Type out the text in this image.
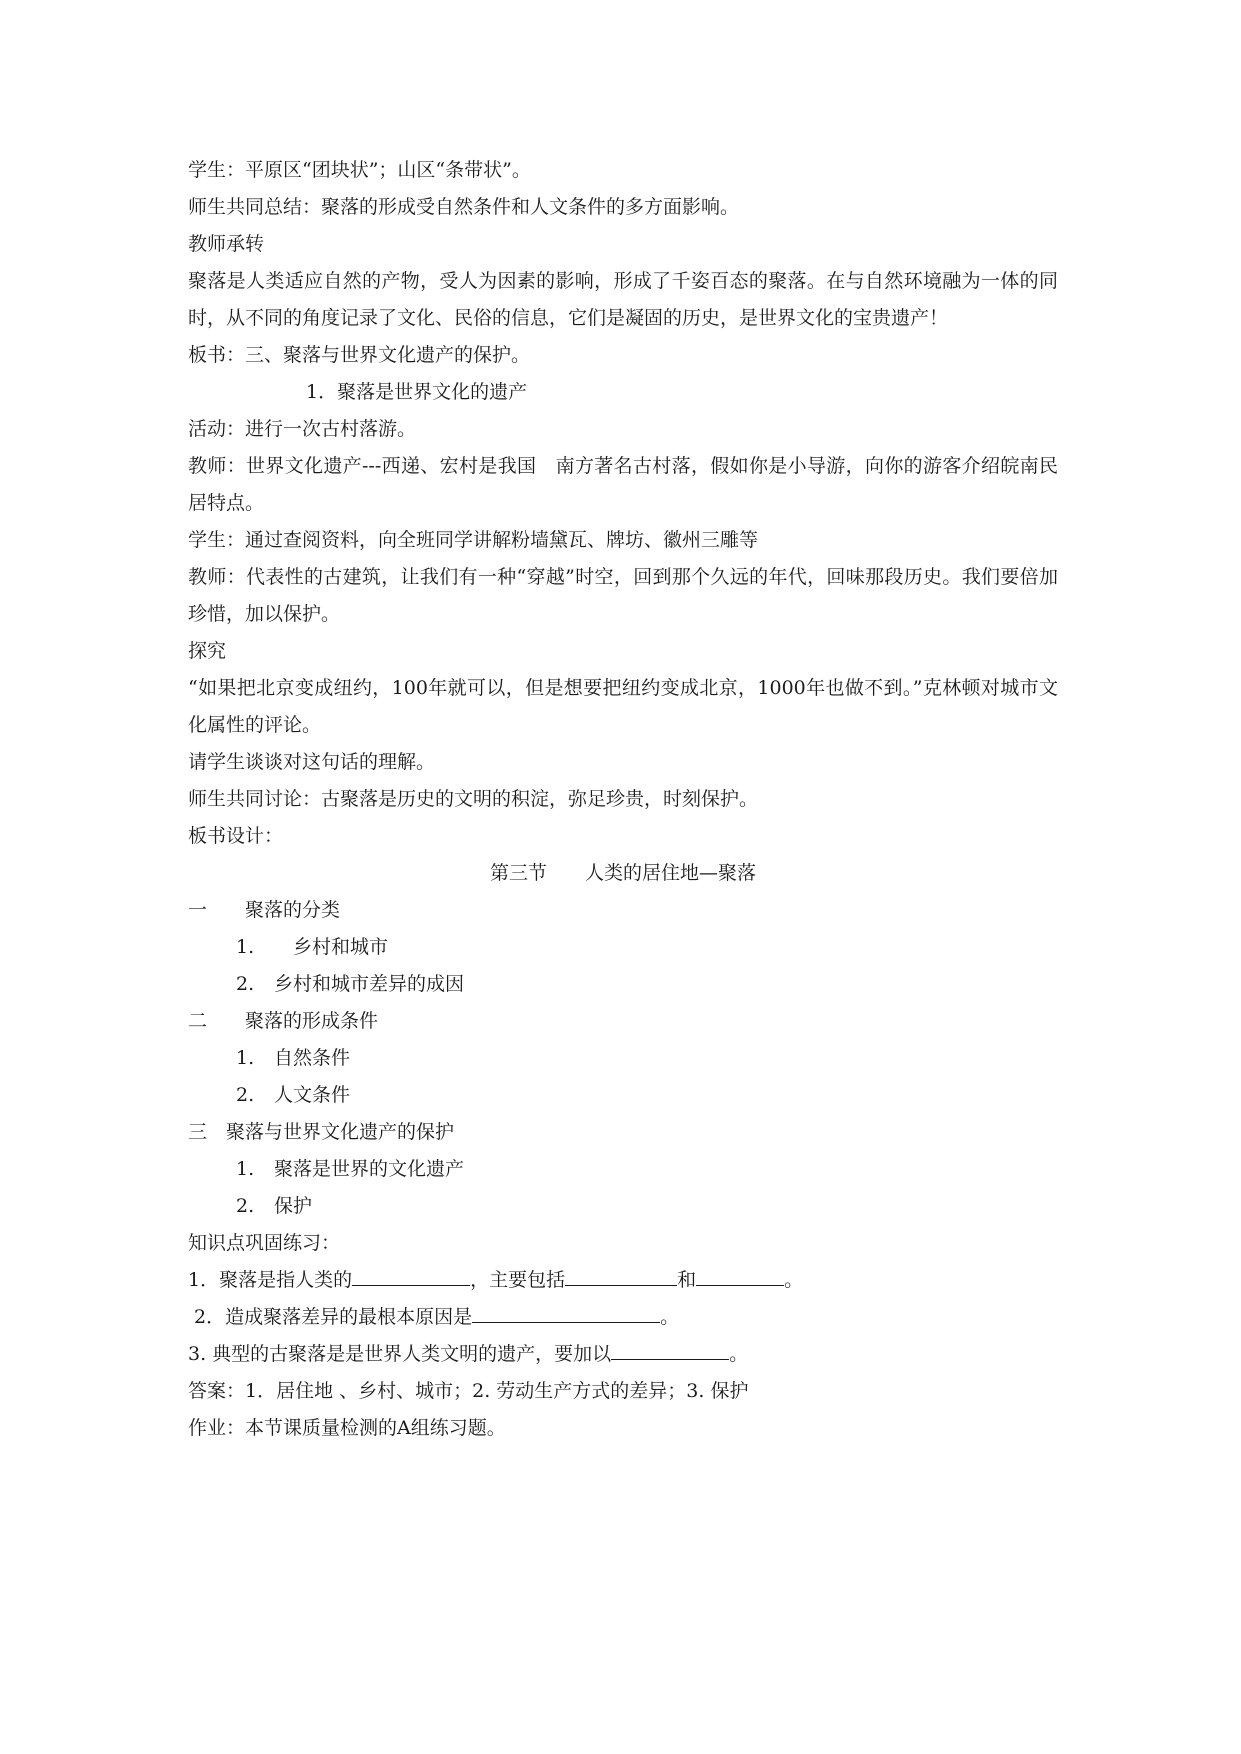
学生：平原区“团块状”；山区“条带状”。
师生共同总结：聚落的形成受自然条件和人文条件的多方面影响。
教师承转
聚落是人类适应自然的产物，受人为因素的影响，形成了千姿百态的聚落。在与自然环境融为一体的同时，从不同的角度记录了文化、民俗的信息，它们是凝固的历史，是世界文化的宝贵遗产！
板书：三、聚落与世界文化遗产的保护。
1．聚落是世界文化的遗产
活动：进行一次古村落游。
教师：世界文化遗产---西递、宏村是我国　南方著名古村落，假如你是小导游，向你的游客介绍皖南民居特点。
学生：通过查阅资料，向全班同学讲解粉墙黛瓦、牌坊、徽州三雕等
教师：代表性的古建筑，让我们有一种“穿越”时空，回到那个久远的年代，回味那段历史。我们要倍加珍惜，加以保护。
探究
“如果把北京变成纽约，100年就可以，但是想要把纽约变成北京，1000年也做不到。”克林顿对城市文化属性的评论。
请学生谈谈对这句话的理解。
师生共同讨论：古聚落是历史的文明的积淀，弥足珍贵，时刻保护。
板书设计：
第三节　　人类的居住地—聚落
一　　聚落的分类
1.　乡村和城市
2. 乡村和城市差异的成因
二　　聚落的形成条件
1. 自然条件
2. 人文条件
三　聚落与世界文化遗产的保护
1. 聚落是世界的文化遗产
2. 保护
知识点巩固练习：
1．聚落是指人类的	，主要包括	和	。
2．造成聚落差异的最根本原因是	。
3. 典型的古聚落是是世界人类文明的遗产，要加以	。
答案：1．居住地 、乡村、城市；2. 劳动生产方式的差异；3. 保护
作业：本节课质量检测的A组练习题。
